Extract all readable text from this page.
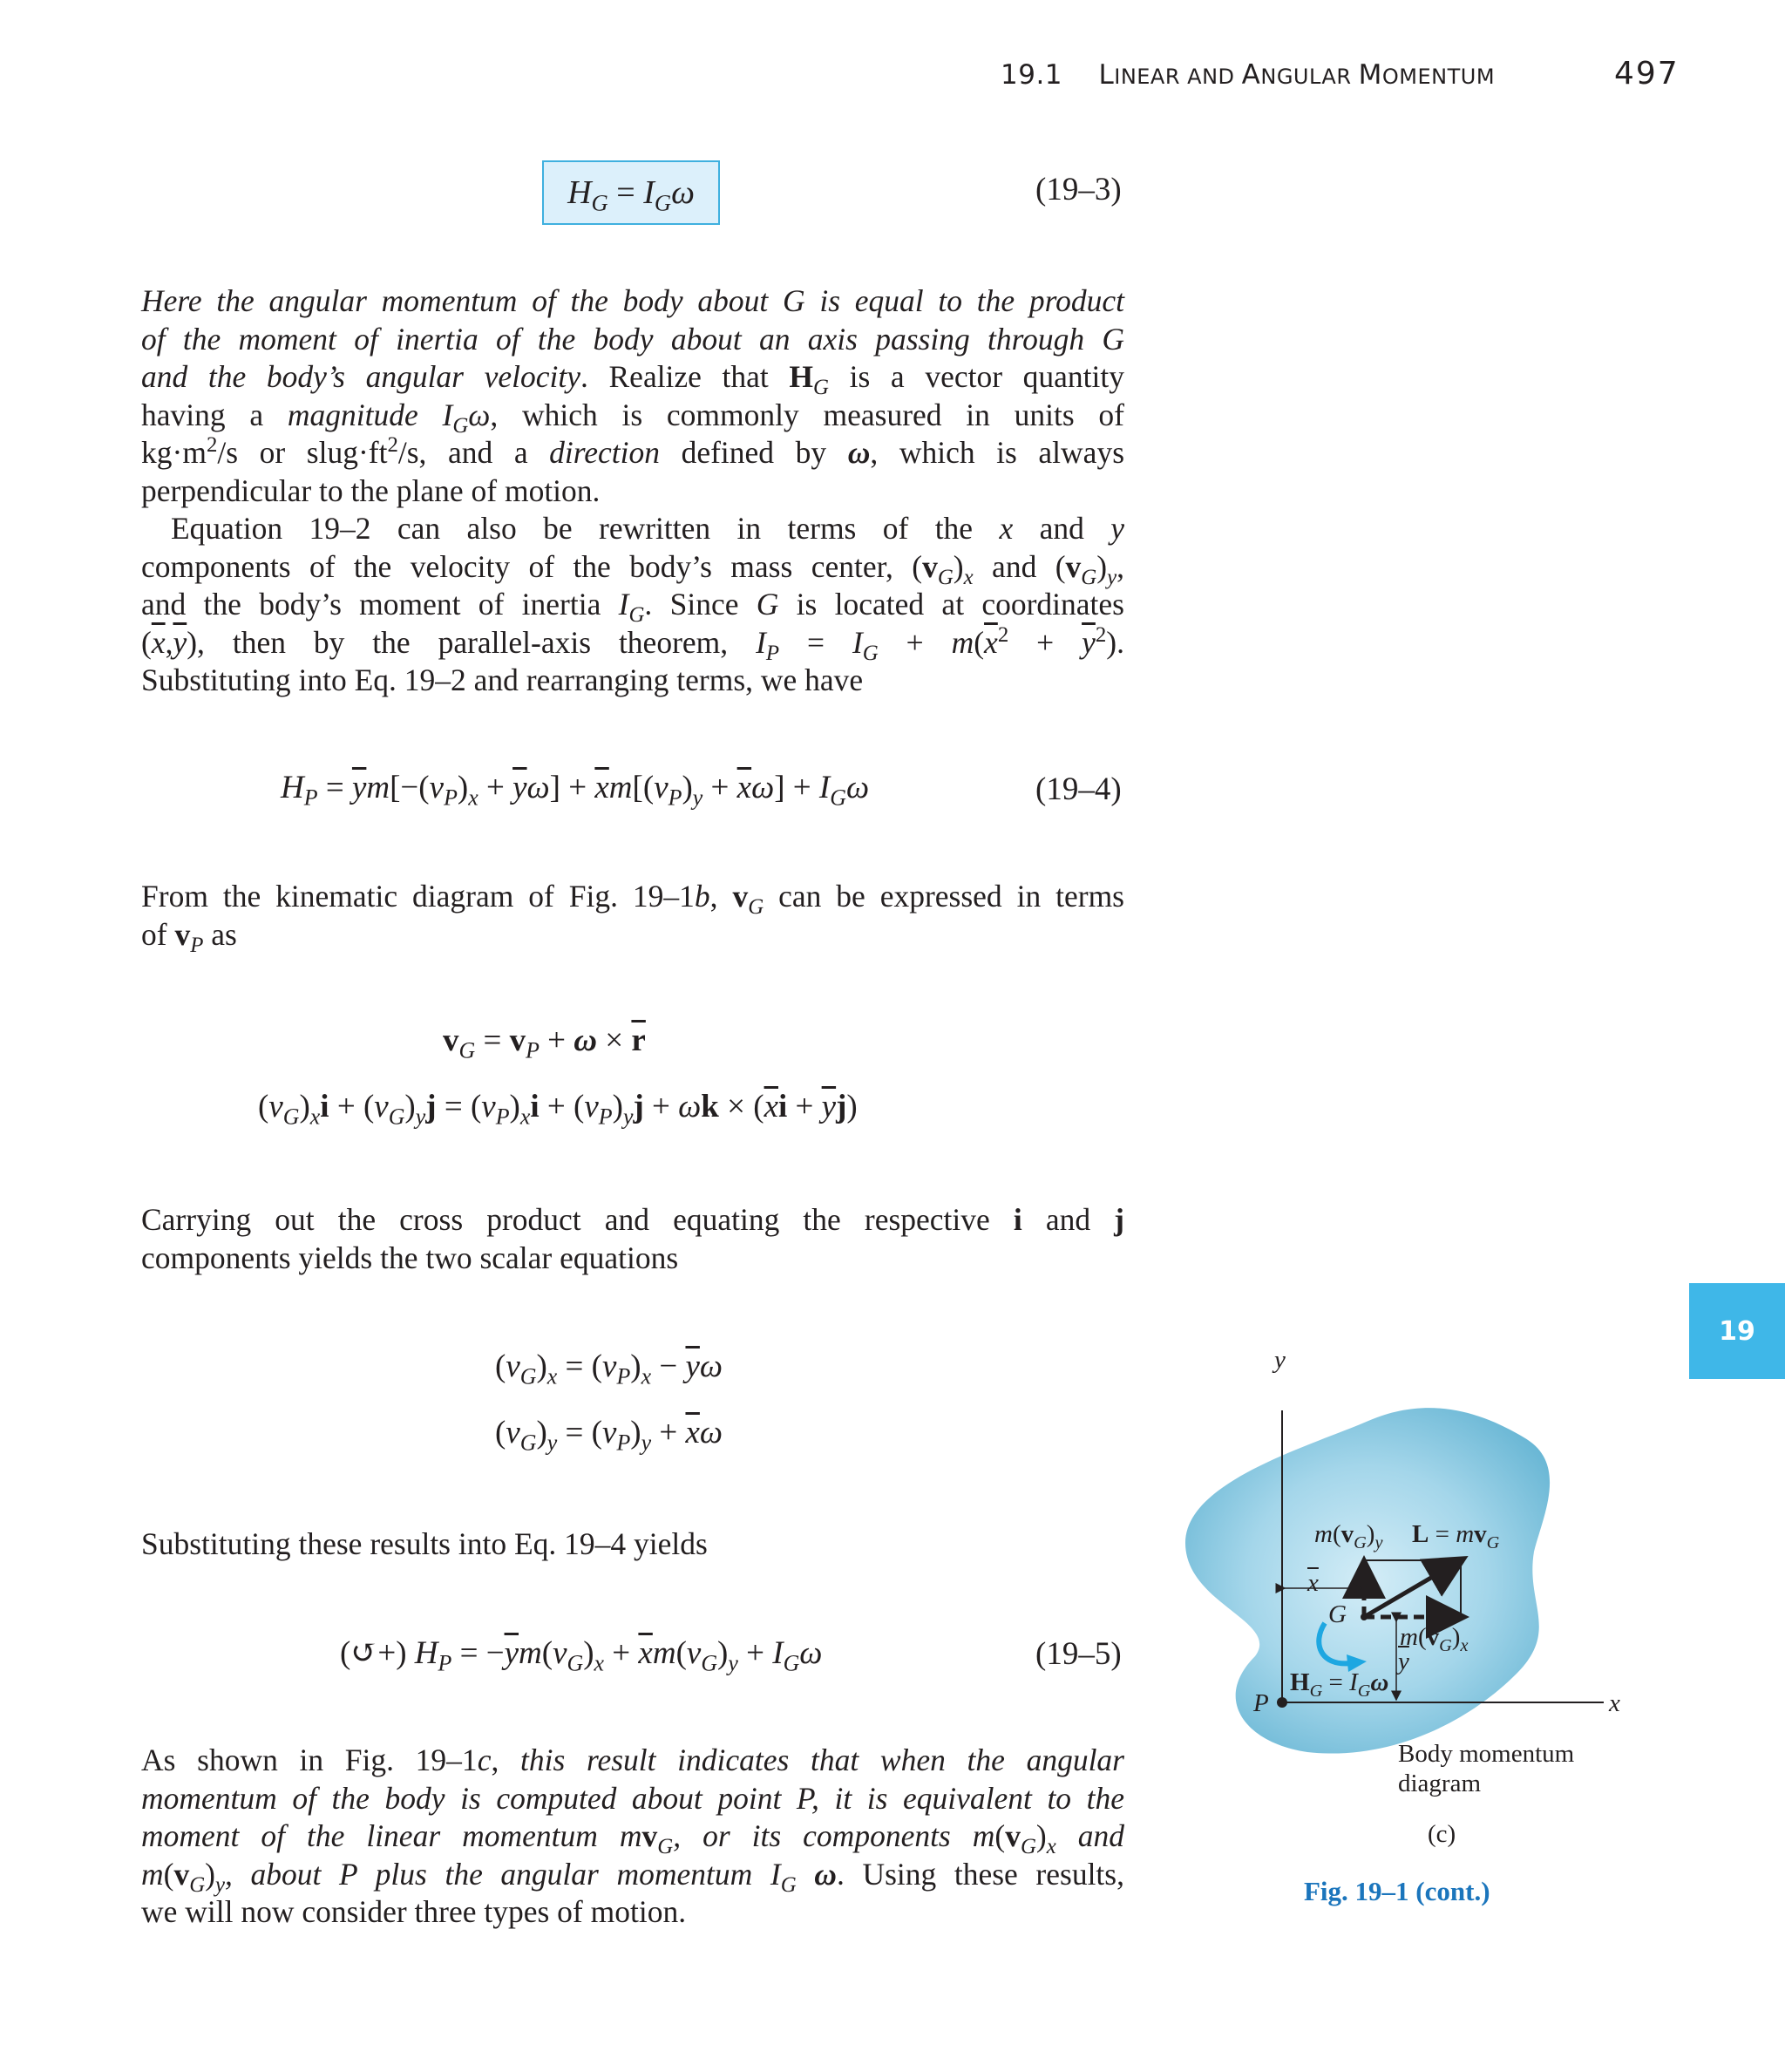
19.1 LINEAR AND ANGULAR MOMENTUM	497
19
$H_G = I_G\omega$	(19–3)
Here the angular momentum of the body about G is equal to the product
of the moment of inertia of the body about an axis passing through G
and the body’s angular velocity. Realize that $H_G$ is a vector quantity
having a magnitude $I_G\omega$, which is commonly measured in units of
$kg\cdot m^2/s$ or $slug\cdot ft^2/s$, and a direction defined by ω, which is always
perpendicular to the plane of motion.
Equation 19–2 can also be rewritten in terms of the x and y
components of the velocity of the body’s mass center, $(v_G)_x$ and $(v_G)_y$,
and the body’s moment of inertia $I_G$. Since G is located at coordinates
$(\overline{x},\overline{y})$, then by the parallel-axis theorem, $I_P = I_G + m(\overline{x}^2 + \overline{y}^2)$.
Substituting into Eq. 19–2 and rearranging terms, we have
$H_P = \overline{y}m[-(v_P)_x + \overline{y}\omega] + \overline{x}m[(v_P)_y + \overline{x}\omega] + I_G\omega$	(19–4)
From the kinematic diagram of Fig. 19–1b, $v_G$ can be expressed in terms
of $v_P$ as
$v_G = v_P + \omega \times \overline{r}$
$(v_G)_xi + (v_G)_yj = (v_P)_xi + (v_P)_yj + \omega k \times (\overline{x}i + \overline{y}j)$
Carrying out the cross product and equating the respective i and j
components yields the two scalar equations
$(v_G)_x = (v_P)_x - \overline{y}\omega$
$(v_G)_y = (v_P)_y + \overline{x}\omega$
Substituting these results into Eq. 19–4 yields
(↺+) $H_P = -\overline{y}m(v_G)_x + \overline{x}m(v_G)_y + I_G\omega$	(19–5)
As shown in Fig. 19–1c, this result indicates that when the angular
momentum of the body is computed about point P, it is equivalent to the
moment of the linear momentum $mv_G$, or its components $m(v_G)_x$ and
$m(v_G)_y$, about P plus the angular momentum $I_G$ ω. Using these results,
we will now consider three types of motion.
y
x
P
G
$m(v_G)_y$ $L = mv_G$
$\overline{x}$
$m(v_G)_x$
$\overline{y}$
$H_G = I_G\omega$
Body momentum
diagram
(c)
Fig. 19–1 (cont.)
